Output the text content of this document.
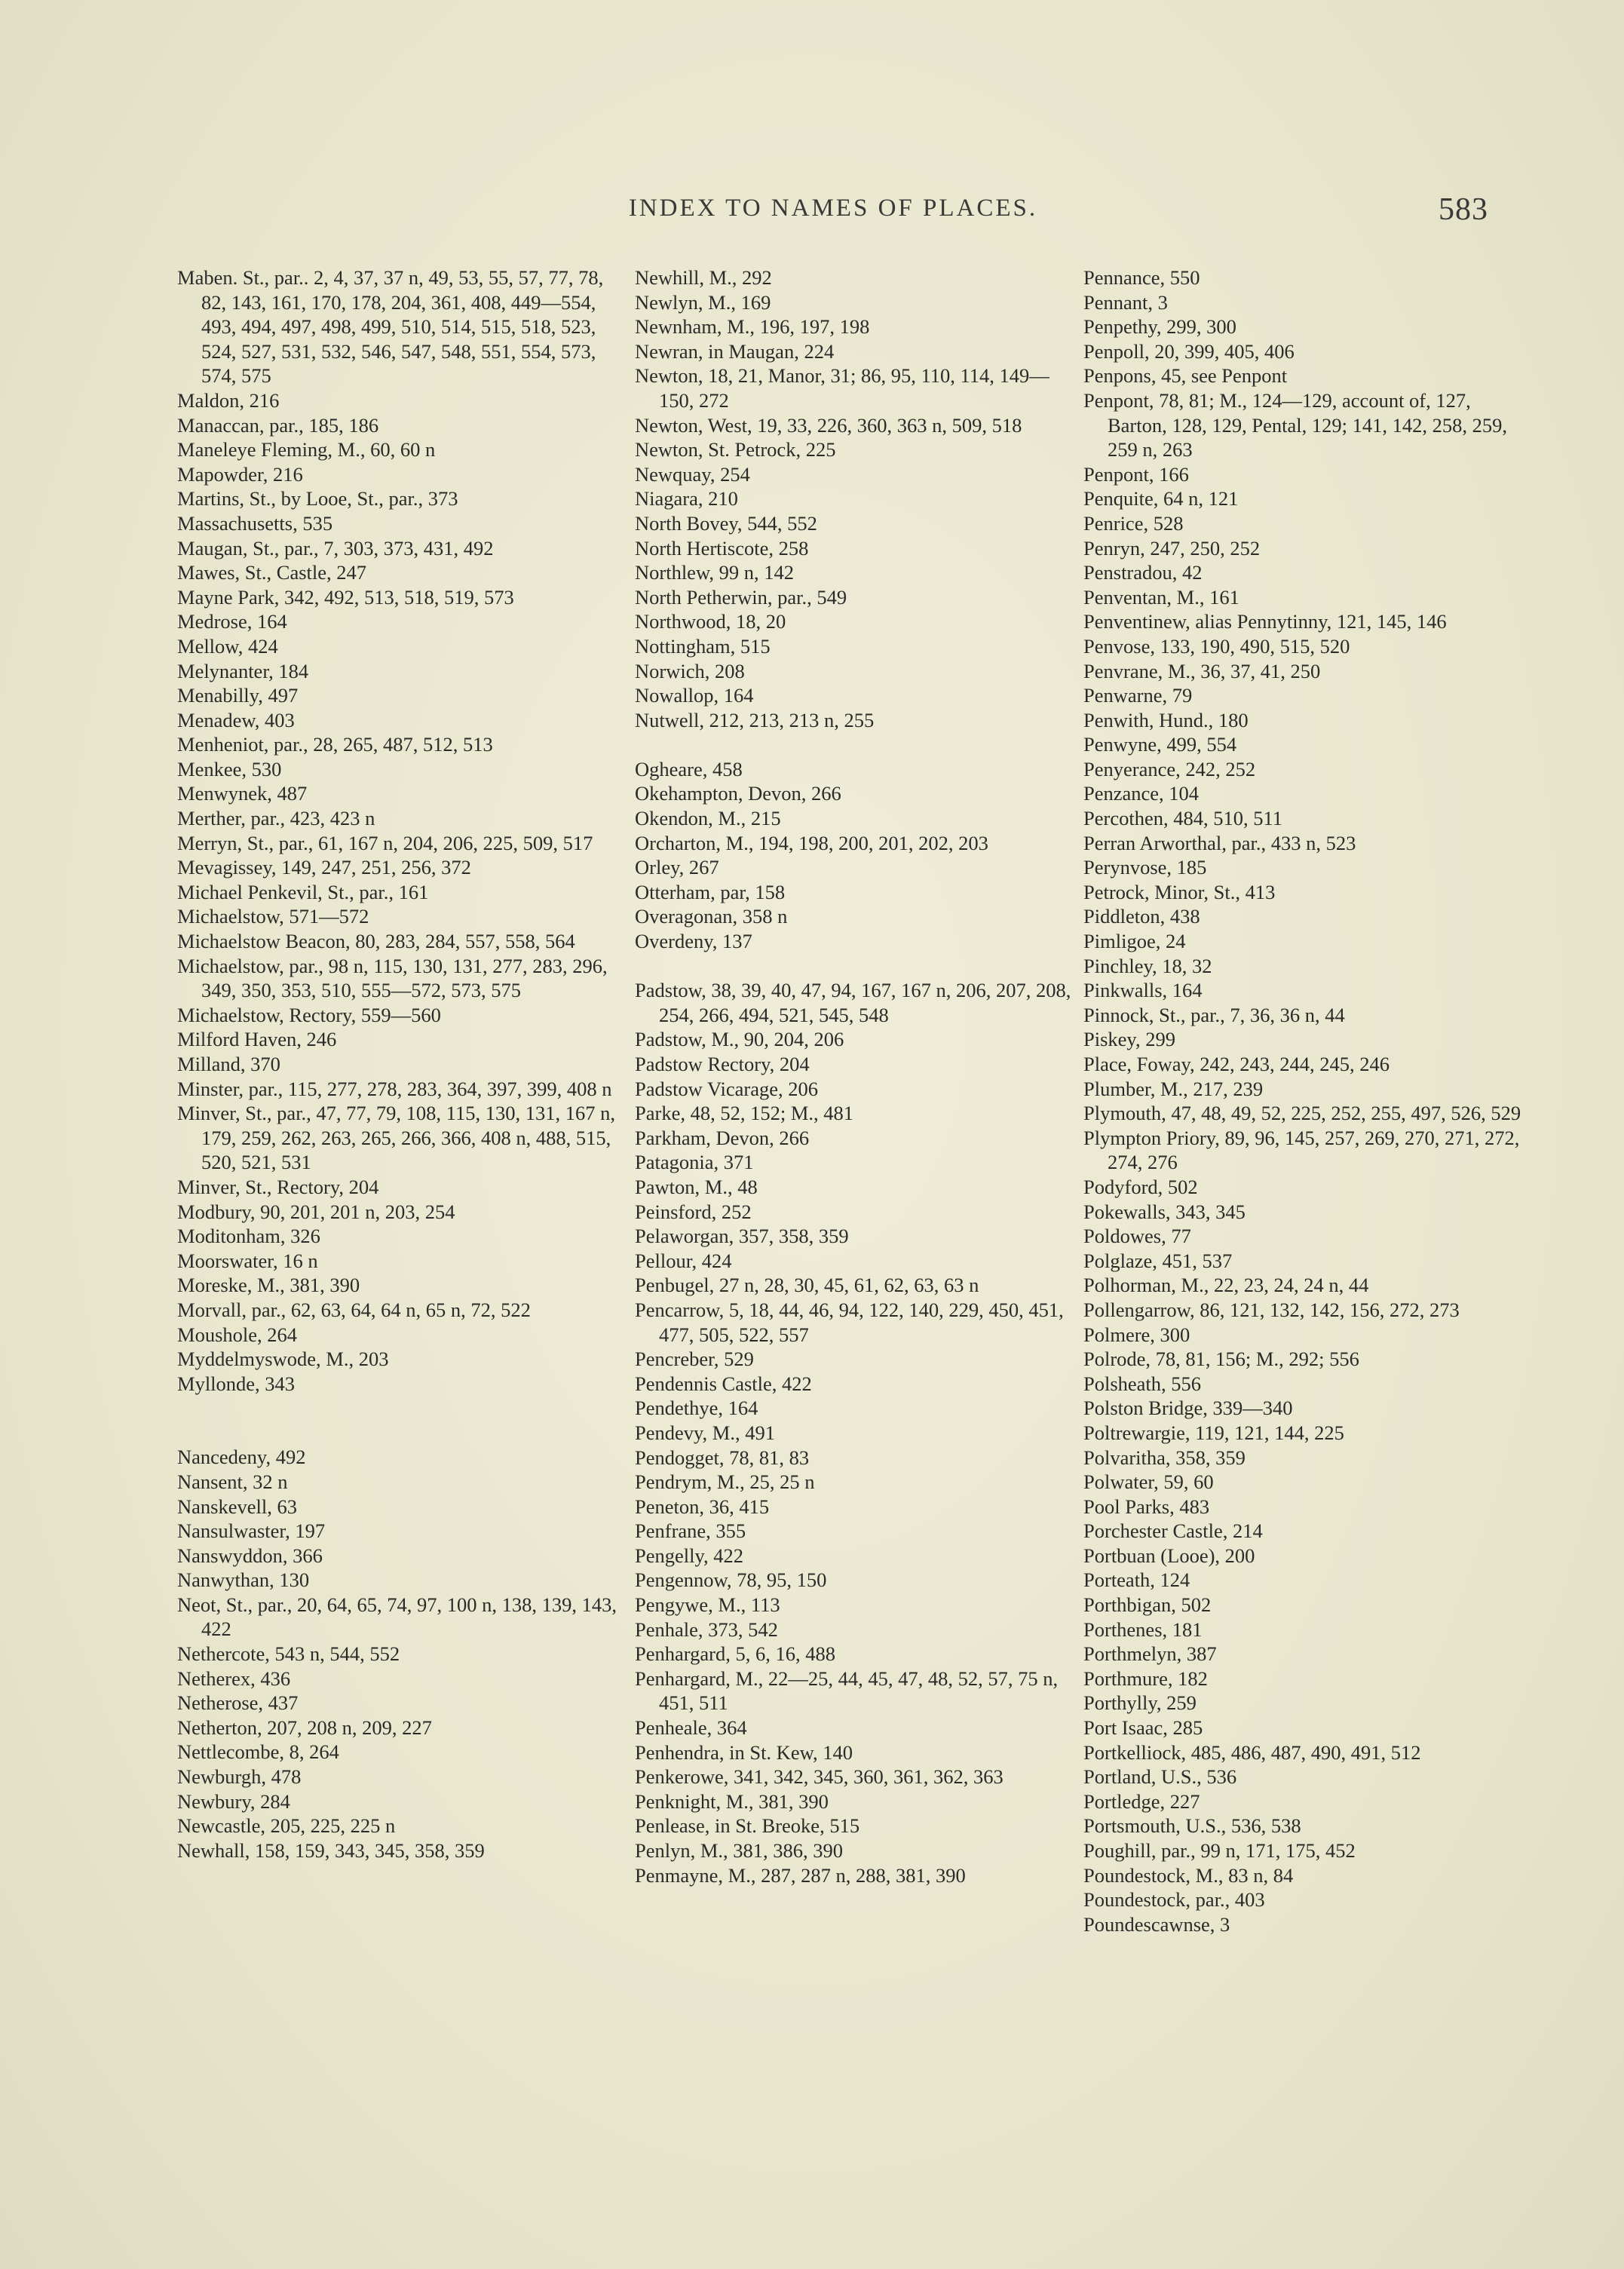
INDEX TO NAMES OF PLACES.	583
Maben. St., par.. 2, 4, 37, 37 n, 49, 53, 55, 57, 77, 78, 82, 143, 161, 170, 178, 204, 361, 408, 449—554, 493, 494, 497, 498, 499, 510, 514, 515, 518, 523, 524, 527, 531, 532, 546, 547, 548, 551, 554, 573, 574, 575
Maldon, 216
Manaccan, par., 185, 186
Maneleye Fleming, M., 60, 60 n
Mapowder, 216
Martins, St., by Looe, St., par., 373
Massachusetts, 535
Maugan, St., par., 7, 303, 373, 431, 492
Mawes, St., Castle, 247
Mayne Park, 342, 492, 513, 518, 519, 573
Medrose, 164
Mellow, 424
Melynanter, 184
Menabilly, 497
Menadew, 403
Menheniot, par., 28, 265, 487, 512, 513
Menkee, 530
Menwynek, 487
Merther, par., 423, 423 n
Merryn, St., par., 61, 167 n, 204, 206, 225, 509, 517
Mevagissey, 149, 247, 251, 256, 372
Michael Penkevil, St., par., 161
Michaelstow, 571—572
Michaelstow Beacon, 80, 283, 284, 557, 558, 564
Michaelstow, par., 98 n, 115, 130, 131, 277, 283, 296, 349, 350, 353, 510, 555—572, 573, 575
Michaelstow, Rectory, 559—560
Milford Haven, 246
Milland, 370
Minster, par., 115, 277, 278, 283, 364, 397, 399, 408 n
Minver, St., par., 47, 77, 79, 108, 115, 130, 131, 167 n, 179, 259, 262, 263, 265, 266, 366, 408 n, 488, 515, 520, 521, 531
Minver, St., Rectory, 204
Modbury, 90, 201, 201 n, 203, 254
Moditonham, 326
Moorswater, 16 n
Moreske, M., 381, 390
Morvall, par., 62, 63, 64, 64 n, 65 n, 72, 522
Moushole, 264
Myddelmyswode, M., 203
Myllonde, 343
Nancedeny, 492
Nansent, 32 n
Nanskevell, 63
Nansulwaster, 197
Nanswyddon, 366
Nanwythan, 130
Neot, St., par., 20, 64, 65, 74, 97, 100 n, 138, 139, 143, 422
Nethercote, 543 n, 544, 552
Netherex, 436
Netherose, 437
Netherton, 207, 208 n, 209, 227
Nettlecombe, 8, 264
Newburgh, 478
Newbury, 284
Newcastle, 205, 225, 225 n
Newhall, 158, 159, 343, 345, 358, 359
Newhill, M., 292
Newlyn, M., 169
Newnham, M., 196, 197, 198
Newran, in Maugan, 224
Newton, 18, 21, Manor, 31; 86, 95, 110, 114, 149—150, 272
Newton, West, 19, 33, 226, 360, 363 n, 509, 518
Newton, St. Petrock, 225
Newquay, 254
Niagara, 210
North Bovey, 544, 552
North Hertiscote, 258
Northlew, 99 n, 142
North Petherwin, par., 549
Northwood, 18, 20
Nottingham, 515
Norwich, 208
Nowallop, 164
Nutwell, 212, 213, 213 n, 255
Ogheare, 458
Okehampton, Devon, 266
Okendon, M., 215
Orcharton, M., 194, 198, 200, 201, 202, 203
Orley, 267
Otterham, par, 158
Overagonan, 358 n
Overdeny, 137
Padstow, 38, 39, 40, 47, 94, 167, 167 n, 206, 207, 208, 254, 266, 494, 521, 545, 548
Padstow, M., 90, 204, 206
Padstow Rectory, 204
Padstow Vicarage, 206
Parke, 48, 52, 152; M., 481
Parkham, Devon, 266
Patagonia, 371
Pawton, M., 48
Peinsford, 252
Pelaworgan, 357, 358, 359
Pellour, 424
Penbugel, 27 n, 28, 30, 45, 61, 62, 63, 63 n
Pencarrow, 5, 18, 44, 46, 94, 122, 140, 229, 450, 451, 477, 505, 522, 557
Pencreber, 529
Pendennis Castle, 422
Pendethye, 164
Pendevy, M., 491
Pendogget, 78, 81, 83
Pendrym, M., 25, 25 n
Peneton, 36, 415
Penfrane, 355
Pengelly, 422
Pengennow, 78, 95, 150
Pengywe, M., 113
Penhale, 373, 542
Penhargard, 5, 6, 16, 488
Penhargard, M., 22—25, 44, 45, 47, 48, 52, 57, 75 n, 451, 511
Penheale, 364
Penhendra, in St. Kew, 140
Penkerowe, 341, 342, 345, 360, 361, 362, 363
Penknight, M., 381, 390
Penlease, in St. Breoke, 515
Penlyn, M., 381, 386, 390
Penmayne, M., 287, 287 n, 288, 381, 390
Pennance, 550
Pennant, 3
Penpethy, 299, 300
Penpoll, 20, 399, 405, 406
Penpons, 45, see Penpont
Penpont, 78, 81; M., 124—129, account of, 127, Barton, 128, 129, Pental, 129; 141, 142, 258, 259, 259 n, 263
Penpont, 166
Penquite, 64 n, 121
Penrice, 528
Penryn, 247, 250, 252
Penstradou, 42
Penventan, M., 161
Penventinew, alias Pennytinny, 121, 145, 146
Penvose, 133, 190, 490, 515, 520
Penvrane, M., 36, 37, 41, 250
Penwarne, 79
Penwith, Hund., 180
Penwyne, 499, 554
Penyerance, 242, 252
Penzance, 104
Percothen, 484, 510, 511
Perran Arworthal, par., 433 n, 523
Perynvose, 185
Petrock, Minor, St., 413
Piddleton, 438
Pimligoe, 24
Pinchley, 18, 32
Pinkwalls, 164
Pinnock, St., par., 7, 36, 36 n, 44
Piskey, 299
Place, Foway, 242, 243, 244, 245, 246
Plumber, M., 217, 239
Plymouth, 47, 48, 49, 52, 225, 252, 255, 497, 526, 529
Plympton Priory, 89, 96, 145, 257, 269, 270, 271, 272, 274, 276
Podyford, 502
Pokewalls, 343, 345
Poldowes, 77
Polglaze, 451, 537
Polhorman, M., 22, 23, 24, 24 n, 44
Pollengarrow, 86, 121, 132, 142, 156, 272, 273
Polmere, 300
Polrode, 78, 81, 156; M., 292; 556
Polsheath, 556
Polston Bridge, 339—340
Poltrewargie, 119, 121, 144, 225
Polvaritha, 358, 359
Polwater, 59, 60
Pool Parks, 483
Porchester Castle, 214
Portbuan (Looe), 200
Porteath, 124
Porthbigan, 502
Porthenes, 181
Porthmelyn, 387
Porthmure, 182
Porthylly, 259
Port Isaac, 285
Portkelliock, 485, 486, 487, 490, 491, 512
Portland, U.S., 536
Portledge, 227
Portsmouth, U.S., 536, 538
Poughill, par., 99 n, 171, 175, 452
Poundestock, M., 83 n, 84
Poundestock, par., 403
Poundescawnse, 3
